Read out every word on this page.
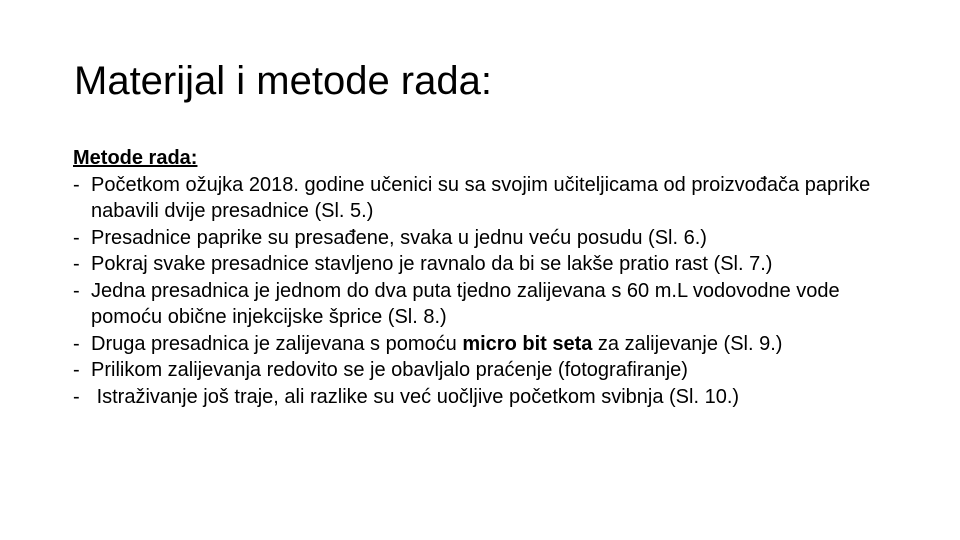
Materijal i metode rada:
Metode rada:
- Početkom ožujka 2018. godine učenici su sa svojim učiteljicama od proizvođača paprike nabavili dvije presadnice (Sl. 5.)
- Presadnice paprike su presađene, svaka u jednu veću posudu (Sl. 6.)
- Pokraj svake presadnice stavljeno je ravnalo da bi se lakše pratio rast (Sl. 7.)
- Jedna presadnica je jednom do dva puta tjedno zalijevana s 60 m.L vodovodne vode pomoću obične injekcijske šprice (Sl. 8.)
- Druga presadnica je zalijevana s pomoću micro bit seta za zalijevanje (Sl. 9.)
- Prilikom zalijevanja redovito se je obavljalo praćenje (fotografiranje)
- Istraživanje još traje, ali razlike su već uočljive početkom svibnja (Sl. 10.)
